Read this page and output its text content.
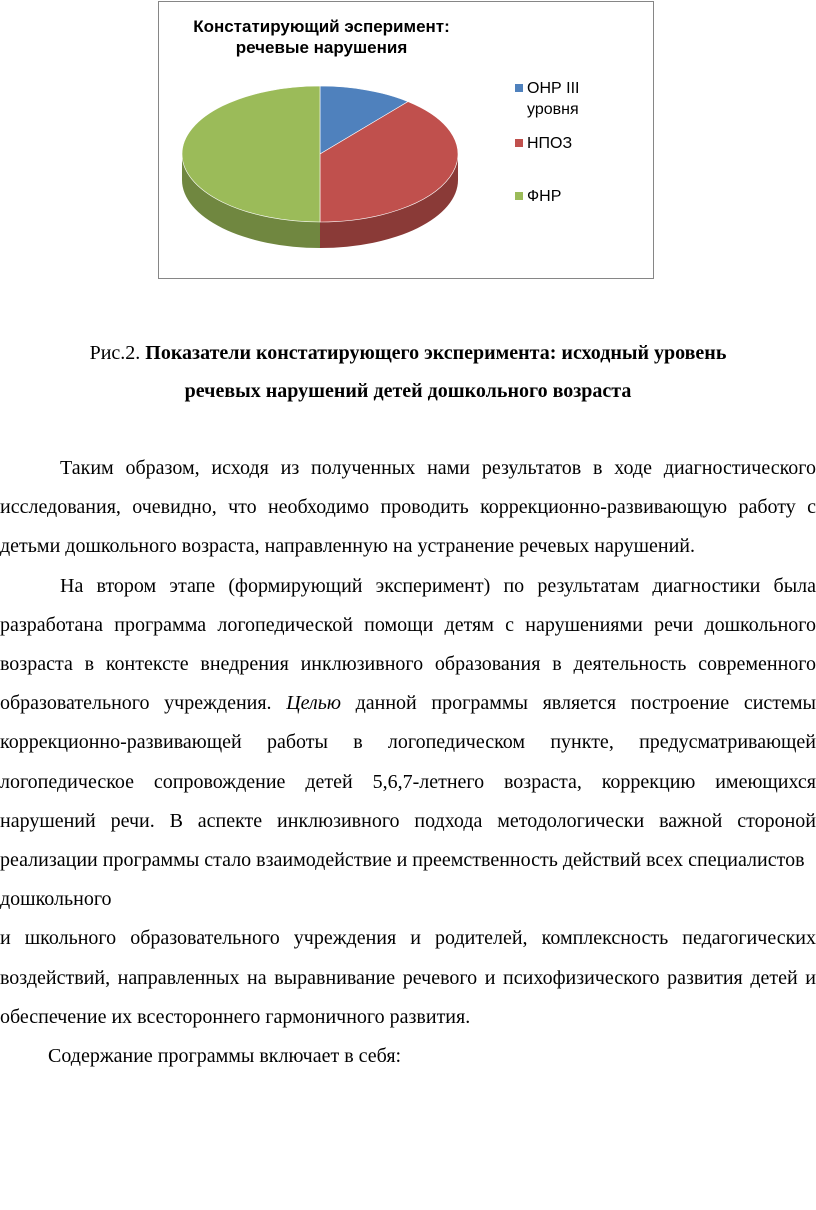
Констатирующий эсперимент:
речевые нарушения
ОНР III
уровня
НПОЗ
ФНР
Рис.2. Показатели констатирующего эксперимента: исходный уровень
речевых нарушений детей дошкольного возраста

Таким образом, исходя из полученных нами результатов в ходе диагностического исследования, очевидно, что необходимо проводить коррекционно-развивающую работу с детьми дошкольного возраста, направленную на устранение речевых нарушений.

На втором этапе (формирующий эксперимент) по результатам диагностики была разработана программа логопедической помощи детям с нарушениями речи дошкольного возраста в контексте внедрения инклюзивного образования в деятельность современного образовательного учреждения. Целью данной программы является построение системы коррекционно-развивающей работы в логопедическом пункте, предусматривающей логопедическое сопровождение детей 5,6,7-летнего возраста, коррекцию имеющихся нарушений речи. В аспекте инклюзивного подхода методологически важной стороной реализации программы стало взаимодействие и преемственность действий всех специалистов

дошкольного

и школьного образовательного учреждения и родителей, комплексность педагогических воздействий, направленных на выравнивание речевого и психофизического развития детей и обеспечение их всестороннего гармоничного развития.

Содержание программы включает в себя:
